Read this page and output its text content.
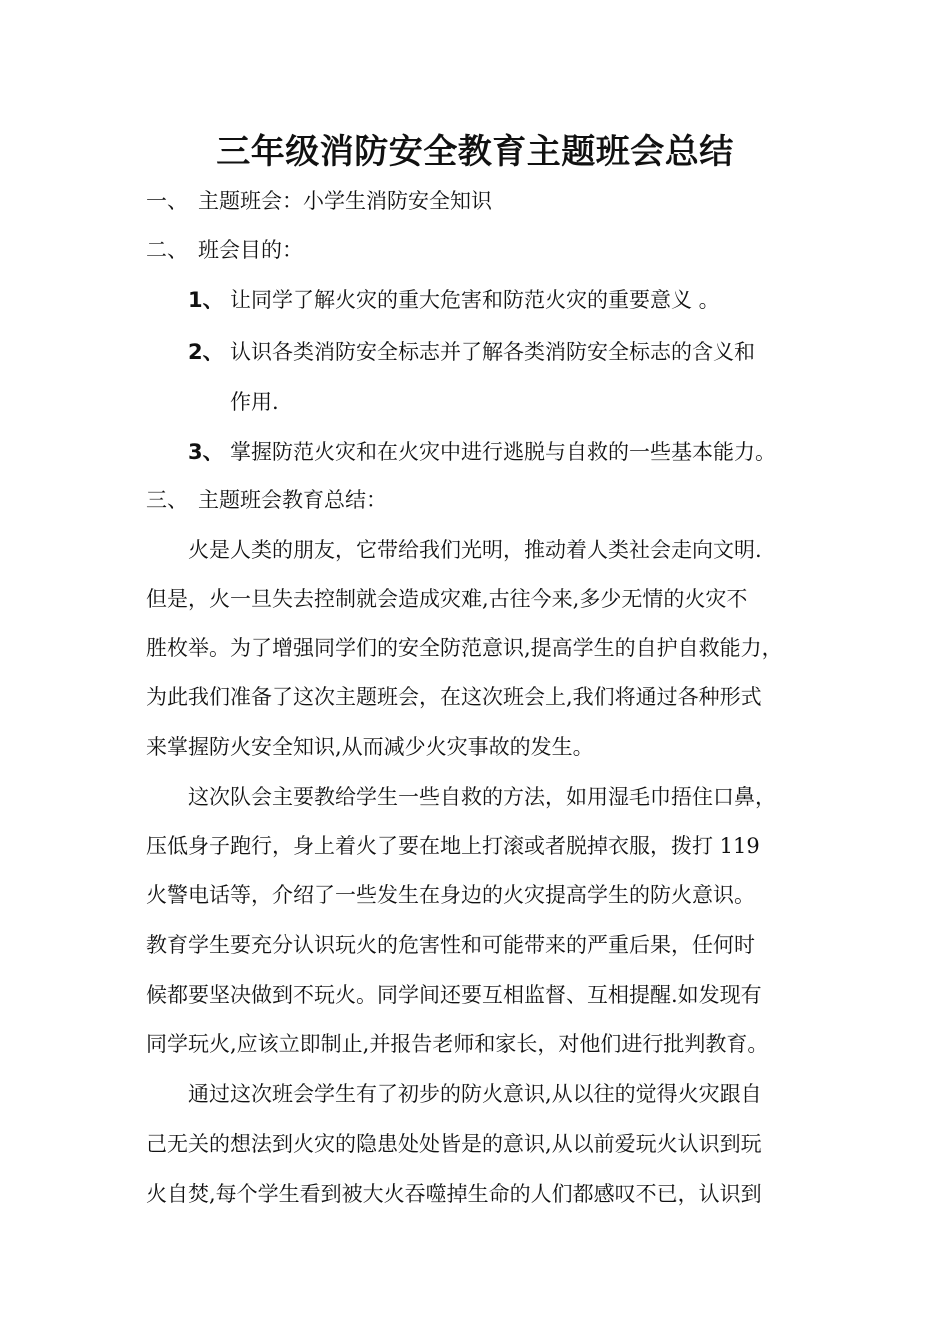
三年级消防安全教育主题班会总结
一、 主题班会：小学生消防安全知识
二、 班会目的：
1、 让同学了解火灾的重大危害和防范火灾的重要意义 。
2、 认识各类消防安全标志并了解各类消防安全标志的含义和
作用.
3、 掌握防范火灾和在火灾中进行逃脱与自救的一些基本能力。
三、 主题班会教育总结：
火是人类的朋友，它带给我们光明，推动着人类社会走向文明.
但是，火一旦失去控制就会造成灾难,古往今来,多少无情的火灾不
胜枚举。为了增强同学们的安全防范意识,提高学生的自护自救能力，
为此我们准备了这次主题班会，在这次班会上,我们将通过各种形式
来掌握防火安全知识,从而减少火灾事故的发生。
这次队会主要教给学生一些自救的方法，如用湿毛巾捂住口鼻，
压低身子跑行，身上着火了要在地上打滚或者脱掉衣服，拨打 119
火警电话等，介绍了一些发生在身边的火灾提高学生的防火意识。
教育学生要充分认识玩火的危害性和可能带来的严重后果，任何时
候都要坚决做到不玩火。同学间还要互相监督、互相提醒.如发现有
同学玩火,应该立即制止,并报告老师和家长，对他们进行批判教育。
通过这次班会学生有了初步的防火意识,从以往的觉得火灾跟自
己无关的想法到火灾的隐患处处皆是的意识,从以前爱玩火认识到玩
火自焚,每个学生看到被大火吞噬掉生命的人们都感叹不已，认识到
